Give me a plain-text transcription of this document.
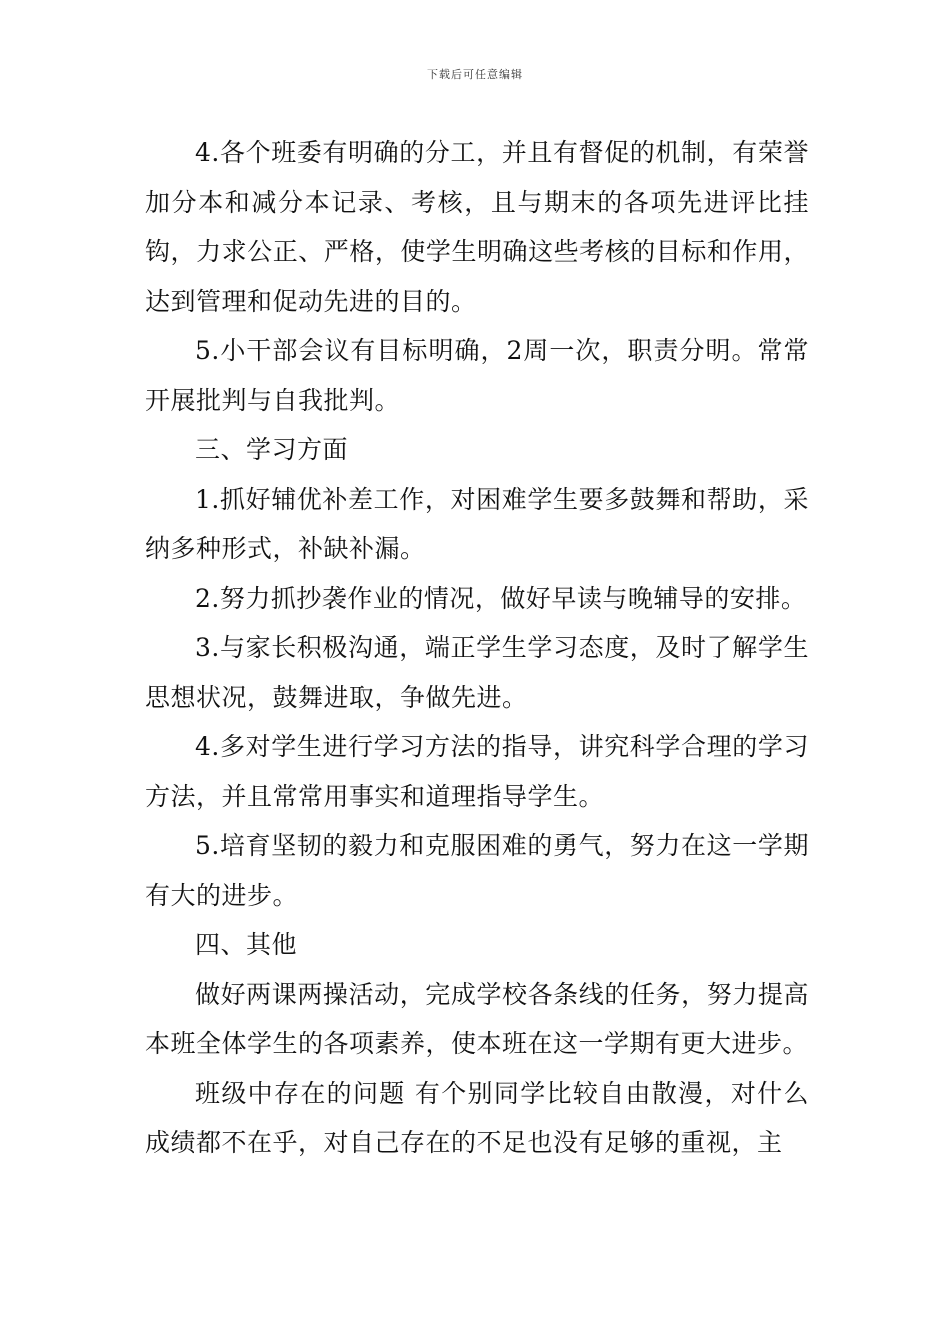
下载后可任意编辑

4.各个班委有明确的分工，并且有督促的机制，有荣誉加分本和减分本记录、考核，且与期末的各项先进评比挂钩，力求公正、严格，使学生明确这些考核的目标和作用，达到管理和促动先进的目的。

5.小干部会议有目标明确，2周一次，职责分明。常常开展批判与自我批判。

三、学习方面

1.抓好辅优补差工作，对困难学生要多鼓舞和帮助，采纳多种形式，补缺补漏。

2.努力抓抄袭作业的情况，做好早读与晚辅导的安排。

3.与家长积极沟通，端正学生学习态度，及时了解学生思想状况，鼓舞进取，争做先进。

4.多对学生进行学习方法的指导，讲究科学合理的学习方法，并且常常用事实和道理指导学生。

5.培育坚韧的毅力和克服困难的勇气，努力在这一学期有大的进步。

四、其他

做好两课两操活动，完成学校各条线的任务，努力提高本班全体学生的各项素养，使本班在这一学期有更大进步。

班级中存在的问题 有个别同学比较自由散漫，对什么成绩都不在乎，对自己存在的不足也没有足够的重视，主
